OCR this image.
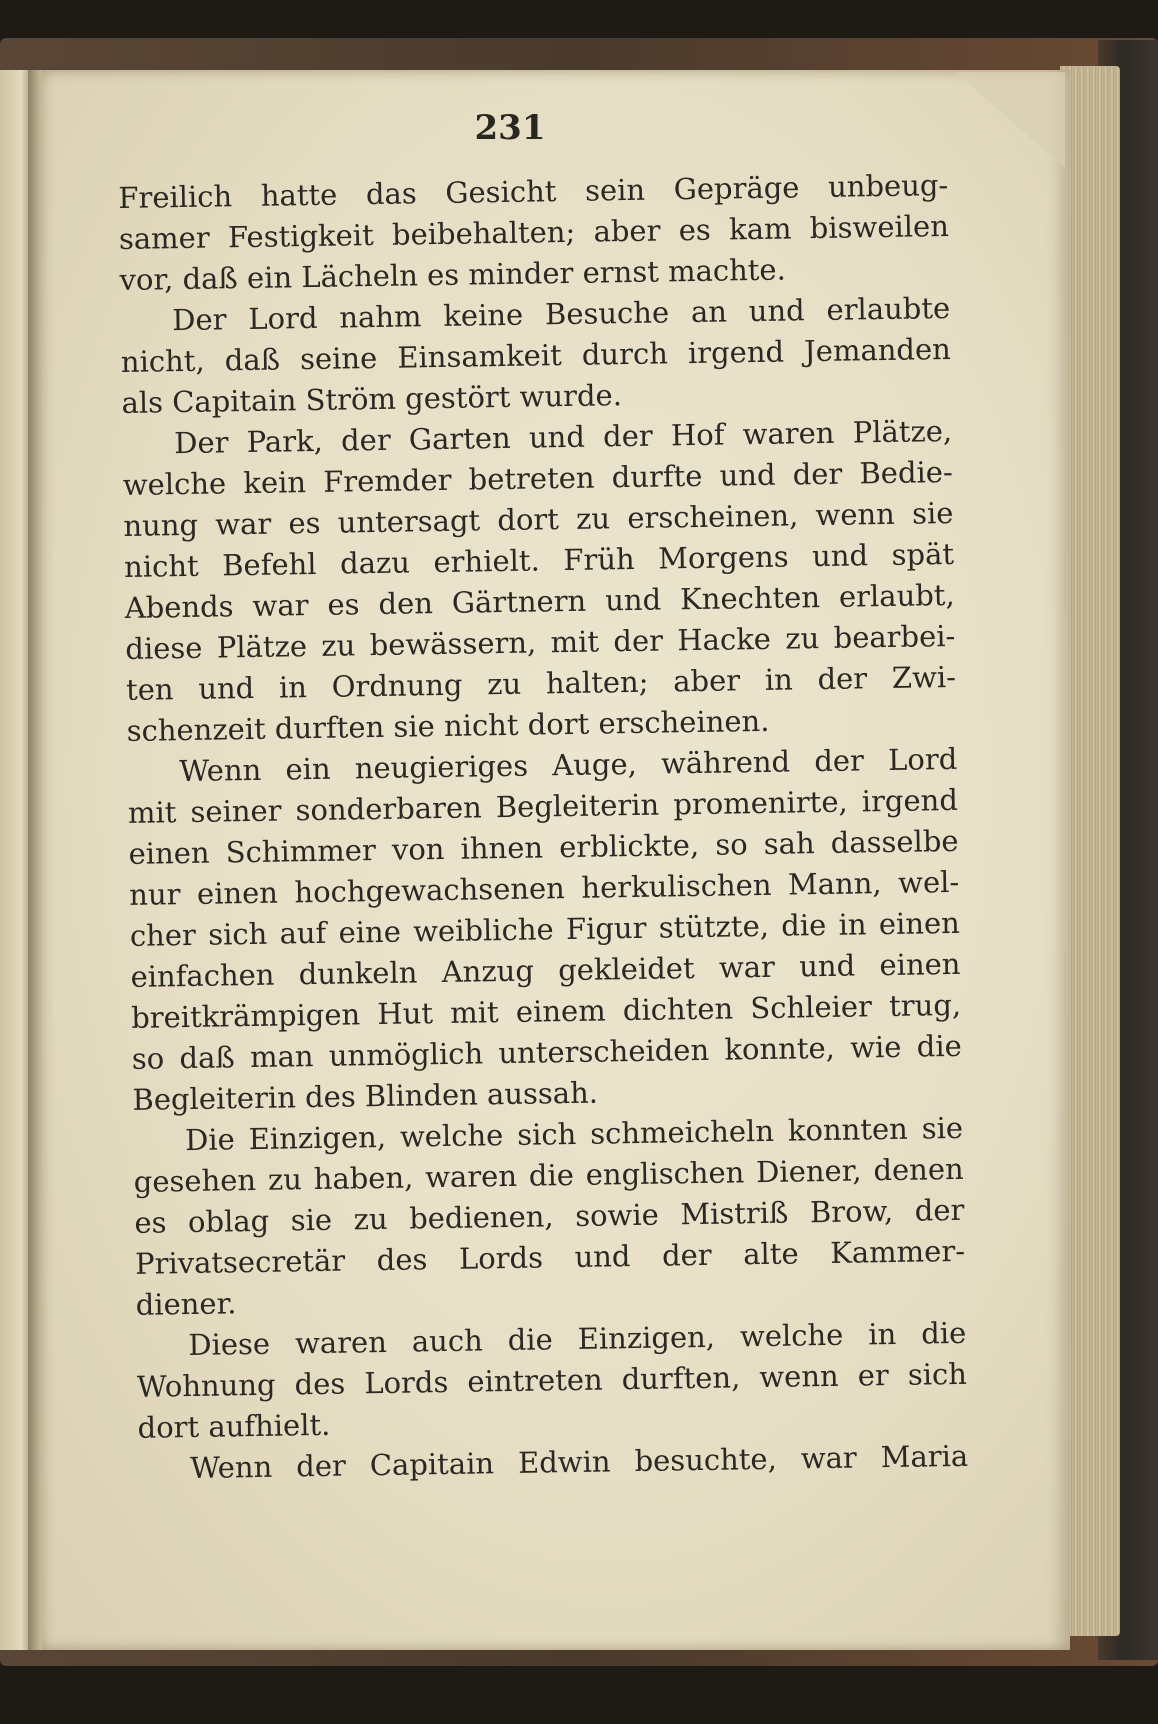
231
Freilich hatte das Gesicht sein Gepräge unbeug-
samer Festigkeit beibehalten; aber es kam bisweilen
vor, daß ein Lächeln es minder ernst machte.
Der Lord nahm keine Besuche an und erlaubte
nicht, daß seine Einsamkeit durch irgend Jemanden
als Capitain Ström gestört wurde.
Der Park, der Garten und der Hof waren Plätze,
welche kein Fremder betreten durfte und der Bedie-
nung war es untersagt dort zu erscheinen, wenn sie
nicht Befehl dazu erhielt. Früh Morgens und spät
Abends war es den Gärtnern und Knechten erlaubt,
diese Plätze zu bewässern, mit der Hacke zu bearbei-
ten und in Ordnung zu halten; aber in der Zwi-
schenzeit durften sie nicht dort erscheinen.
Wenn ein neugieriges Auge, während der Lord
mit seiner sonderbaren Begleiterin promenirte, irgend
einen Schimmer von ihnen erblickte, so sah dasselbe
nur einen hochgewachsenen herkulischen Mann, wel-
cher sich auf eine weibliche Figur stützte, die in einen
einfachen dunkeln Anzug gekleidet war und einen
breitkrämpigen Hut mit einem dichten Schleier trug,
so daß man unmöglich unterscheiden konnte, wie die
Begleiterin des Blinden aussah.
Die Einzigen, welche sich schmeicheln konnten sie
gesehen zu haben, waren die englischen Diener, denen
es oblag sie zu bedienen, sowie Mistriß Brow, der
Privatsecretär des Lords und der alte Kammer-
diener.
Diese waren auch die Einzigen, welche in die
Wohnung des Lords eintreten durften, wenn er sich
dort aufhielt.
Wenn der Capitain Edwin besuchte, war Maria
